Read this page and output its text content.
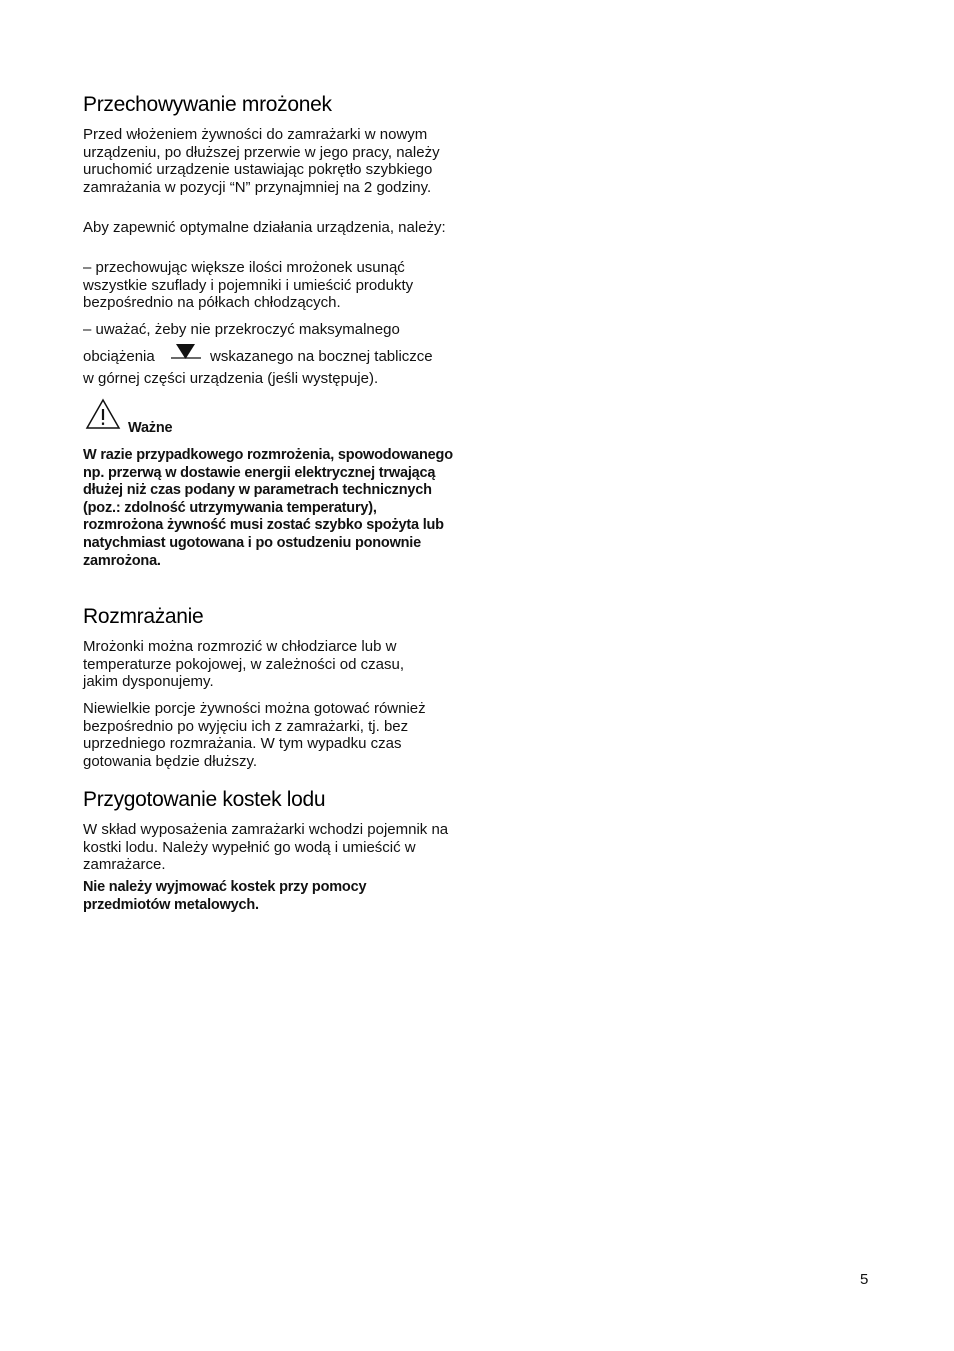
Przechowywanie mrożonek

Przed włożeniem żywności do zamrażarki w nowym urządzeniu, po dłuższej przerwie w jego pracy, należy uruchomić urządzenie ustawiając pokrętło szybkiego zamrażania w pozycji “N” przynajmniej na 2 godziny.

Aby zapewnić optymalne działania urządzenia, należy:

– przechowując większe ilości mrożonek usunąć wszystkie szuflady i pojemniki i umieścić produkty bezpośrednio na półkach chłodzących.

– uważać, żeby nie przekroczyć maksymalnego

obciążenia	wskazanego na bocznej tabliczce

w górnej części urządzenia (jeśli występuje).

Ważne

W razie przypadkowego rozmrożenia, spowodowanego np. przerwą w dostawie energii elektrycznej trwającą dłużej niż czas podany w parametrach technicznych (poz.: zdolność utrzymywania temperatury), rozmrożona żywność musi zostać szybko spożyta lub natychmiast ugotowana i po ostudzeniu ponownie zamrożona.

Rozmrażanie

Mrożonki można rozmrozić w chłodziarce lub w temperaturze pokojowej, w zależności od czasu, jakim dysponujemy.

Niewielkie porcje żywności można gotować również bezpośrednio po wyjęciu ich z zamrażarki, tj. bez uprzedniego rozmrażania. W tym wypadku czas gotowania będzie dłuższy.

Przygotowanie kostek lodu

W skład wyposażenia zamrażarki wchodzi pojemnik na kostki lodu. Należy wypełnić go wodą i umieścić w zamrażarce.

Nie należy wyjmować kostek przy pomocy przedmiotów metalowych.

5
